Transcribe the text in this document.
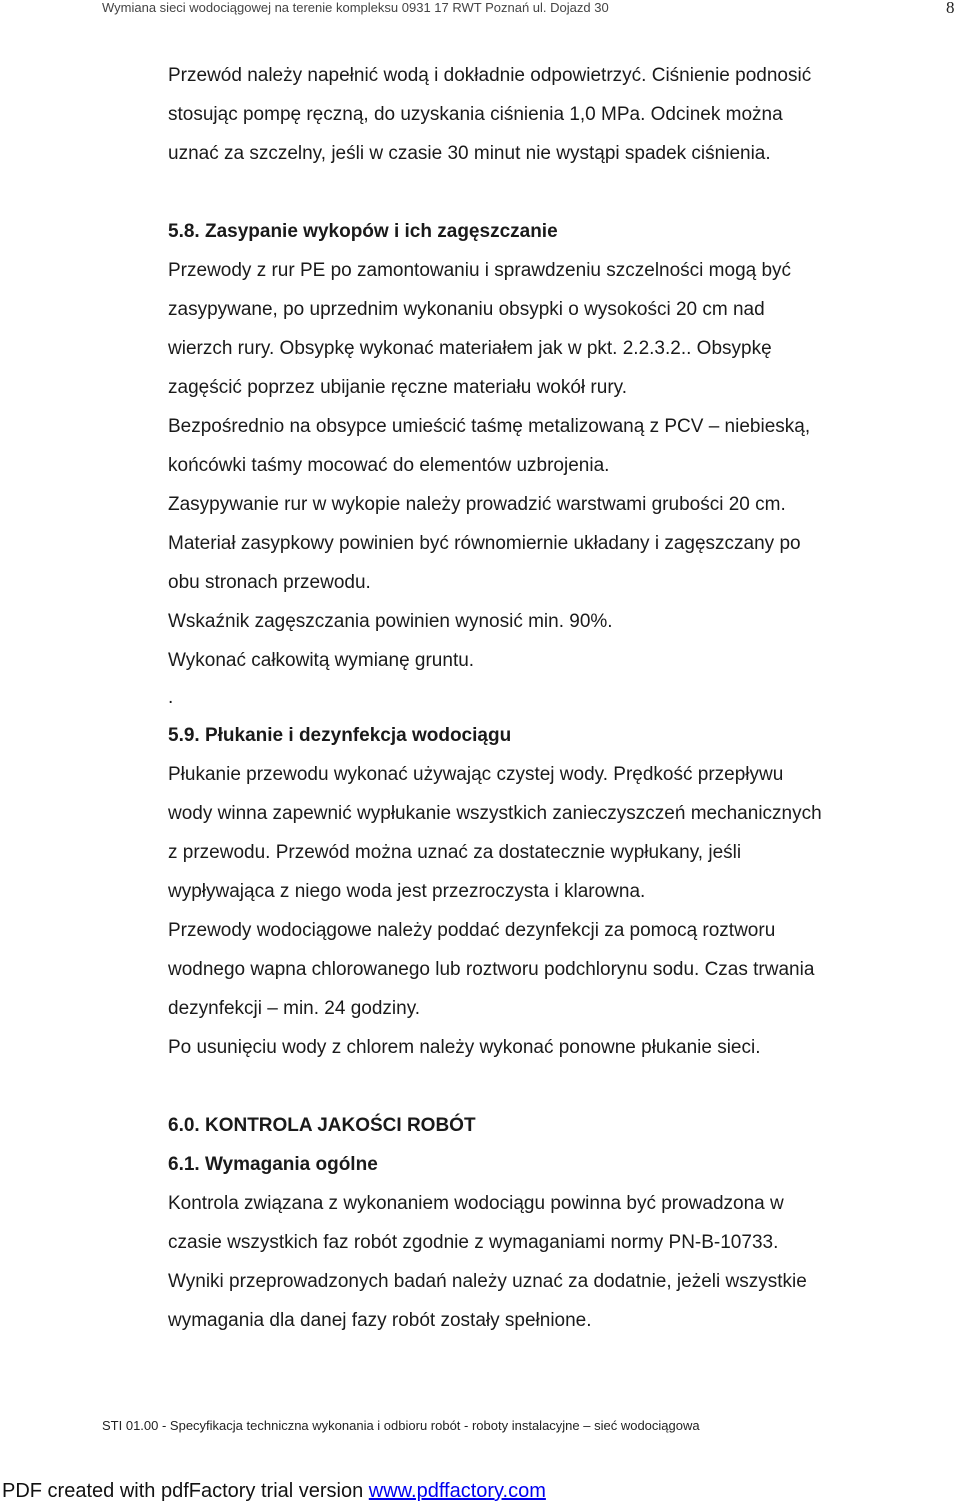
Wymiana sieci wodociągowej na terenie kompleksu 0931 17 RWT Poznań ul. Dojazd 30	8
Przewód należy napełnić wodą i dokładnie odpowietrzyć. Ciśnienie podnosić
stosując pompę ręczną, do uzyskania ciśnienia 1,0 MPa. Odcinek można
uznać za szczelny, jeśli w czasie 30 minut nie wystąpi spadek ciśnienia.
5.8. Zasypanie wykopów i ich zagęszczanie
Przewody z rur PE po zamontowaniu i sprawdzeniu szczelności mogą być
zasypywane, po uprzednim wykonaniu obsypki o wysokości 20 cm nad
wierzch rury. Obsypkę wykonać materiałem jak w pkt. 2.2.3.2.. Obsypkę
zagęścić poprzez ubijanie ręczne materiału wokół rury.
Bezpośrednio na obsypce umieścić taśmę metalizowaną z PCV – niebieską,
końcówki taśmy mocować do elementów uzbrojenia.
Zasypywanie rur w wykopie należy prowadzić warstwami grubości 20 cm.
Materiał zasypkowy powinien być równomiernie układany i zagęszczany po
obu stronach przewodu.
Wskaźnik zagęszczania powinien wynosić min. 90%.
Wykonać całkowitą wymianę gruntu.
.
5.9. Płukanie i dezynfekcja wodociągu
Płukanie przewodu wykonać używając czystej wody. Prędkość przepływu
wody winna zapewnić wypłukanie wszystkich zanieczyszczeń mechanicznych
z przewodu. Przewód można uznać za dostatecznie wypłukany, jeśli
wypływająca z niego woda jest przezroczysta i klarowna.
Przewody wodociągowe należy poddać dezynfekcji za pomocą roztworu
wodnego wapna chlorowanego lub roztworu podchlorynu sodu. Czas trwania
dezynfekcji – min. 24 godziny.
Po usunięciu wody z chlorem należy wykonać ponowne płukanie sieci.
6.0. KONTROLA JAKOŚCI ROBÓT
6.1. Wymagania ogólne
Kontrola związana z wykonaniem wodociągu powinna być prowadzona w
czasie wszystkich faz robót zgodnie z wymaganiami normy PN-B-10733.
Wyniki przeprowadzonych badań należy uznać za dodatnie, jeżeli wszystkie
wymagania dla danej fazy robót zostały spełnione.
STI 01.00 - Specyfikacja techniczna wykonania i odbioru robót - roboty instalacyjne – sieć wodociągowa
PDF created with pdfFactory trial version www.pdffactory.com
